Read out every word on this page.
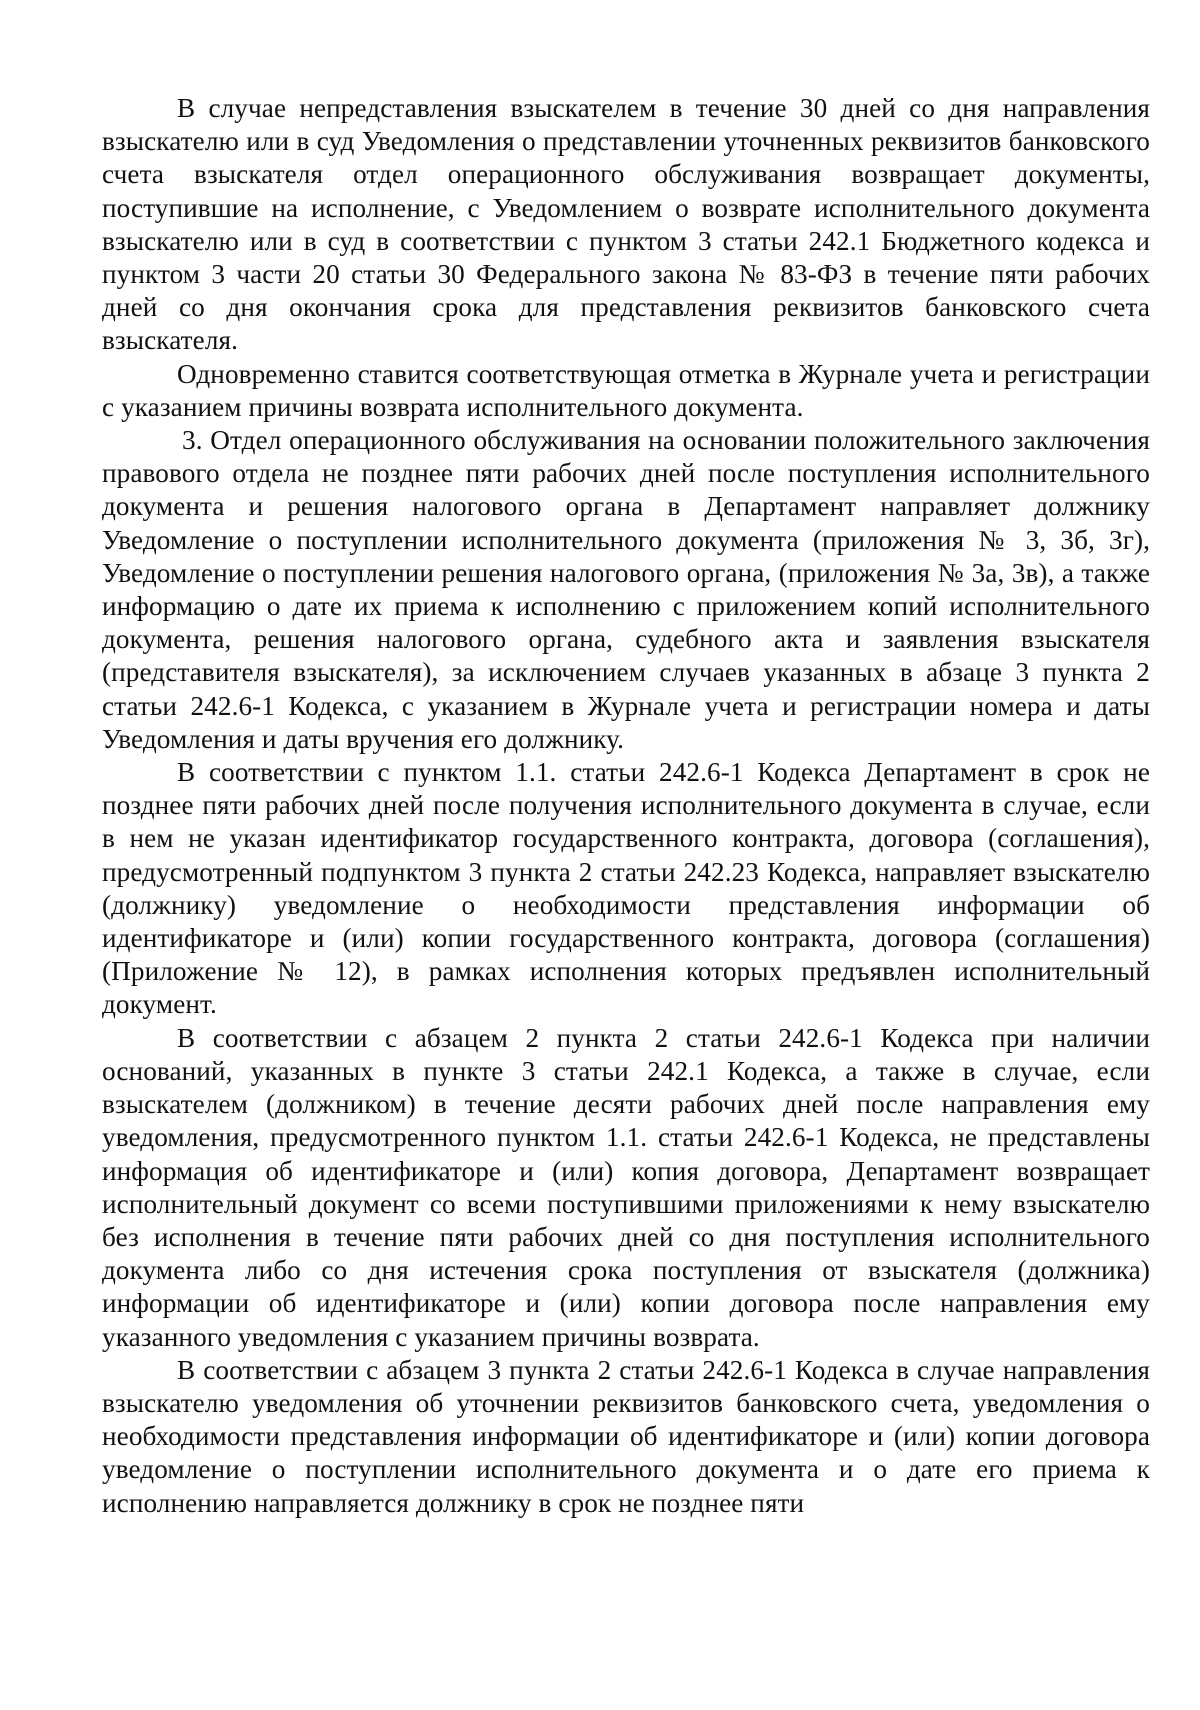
В случае непредставления взыскателем в течение 30 дней со дня направления взыскателю или в суд Уведомления о представлении уточненных реквизитов банковского счета взыскателя отдел операционного обслуживания возвращает документы, поступившие на исполнение, с Уведомлением о возврате исполнительного документа взыскателю или в суд в соответствии с пунктом 3 статьи 242.1 Бюджетного кодекса и пунктом 3 части 20 статьи 30 Федерального закона № 83-ФЗ в течение пяти рабочих дней со дня окончания срока для представления реквизитов банковского счета взыскателя.

Одновременно ставится соответствующая отметка в Журнале учета и регистрации с указанием причины возврата исполнительного документа.

3. Отдел операционного обслуживания на основании положительного заключения правового отдела не позднее пяти рабочих дней после поступления исполнительного документа и решения налогового органа в Департамент направляет должнику Уведомление о поступлении исполнительного документа (приложения № 3, 3б, 3г), Уведомление о поступлении решения налогового органа, (приложения № 3а, 3в), а также информацию о дате их приема к исполнению с приложением копий исполнительного документа, решения налогового органа, судебного акта и заявления взыскателя (представителя взыскателя), за исключением случаев указанных в абзаце 3 пункта 2 статьи 242.6-1 Кодекса, с указанием в Журнале учета и регистрации номера и даты Уведомления и даты вручения его должнику.

В соответствии с пунктом 1.1. статьи 242.6-1 Кодекса Департамент в срок не позднее пяти рабочих дней после получения исполнительного документа в случае, если в нем не указан идентификатор государственного контракта, договора (соглашения), предусмотренный подпунктом 3 пункта 2 статьи 242.23 Кодекса, направляет взыскателю (должнику) уведомление о необходимости представления информации об идентификаторе и (или) копии государственного контракта, договора (соглашения) (Приложение № 12), в рамках исполнения которых предъявлен исполнительный документ.

В соответствии с абзацем 2 пункта 2 статьи 242.6-1 Кодекса при наличии оснований, указанных в пункте 3 статьи 242.1 Кодекса, а также в случае, если взыскателем (должником) в течение десяти рабочих дней после направления ему уведомления, предусмотренного пунктом 1.1. статьи 242.6-1 Кодекса, не представлены информация об идентификаторе и (или) копия договора, Департамент возвращает исполнительный документ со всеми поступившими приложениями к нему взыскателю без исполнения в течение пяти рабочих дней со дня поступления исполнительного документа либо со дня истечения срока поступления от взыскателя (должника) информации об идентификаторе и (или) копии договора после направления ему указанного уведомления с указанием причины возврата.

В соответствии с абзацем 3 пункта 2 статьи 242.6-1 Кодекса в случае направления взыскателю уведомления об уточнении реквизитов банковского счета, уведомления о необходимости представления информации об идентификаторе и (или) копии договора уведомление о поступлении исполнительного документа и о дате его приема к исполнению направляется должнику в срок не позднее пяти
